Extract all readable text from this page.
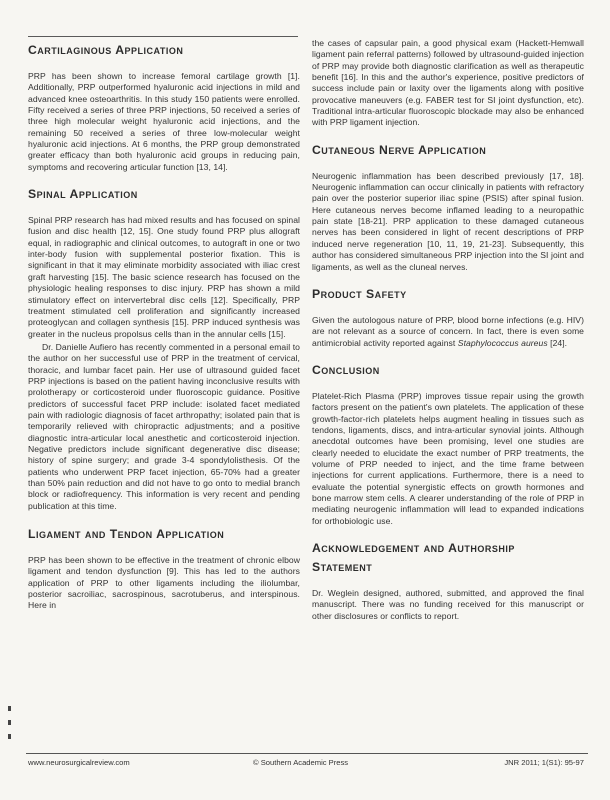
Cartilaginous Application

PRP has been shown to increase femoral cartilage growth [1]. Additionally, PRP outperformed hyaluronic acid injections in mild and advanced knee osteoarthritis. In this study 150 patients were enrolled. Fifty received a series of three PRP injections, 50 received a series of three high molecular weight hyaluronic acid injections, and the remaining 50 received a series of three low-molecular weight hyaluronic acid injections. At 6 months, the PRP group demonstrated greater efficacy than both hyaluronic acid groups in reducing pain, symptoms and recovering articular function [13, 14].

Spinal Application

Spinal PRP research has had mixed results and has focused on spinal fusion and disc health [12, 15]. One study found PRP plus allograft equal, in radiographic and clinical outcomes, to autograft in one or two inter-body fusion with supplemental posterior fixation. This is significant in that it may eliminate morbidity associated with iliac crest graft harvesting [15]. The basic science research has focused on the physiologic healing responses to disc injury. PRP has shown a mild stimulatory effect on intervertebral disc cells [12]. Specifically, PRP treatment stimulated cell proliferation and significantly increased proteoglycan and collagen synthesis [15]. PRP induced synthesis was greater in the nucleus propolsus cells than in the annular cells [15].

Dr. Danielle Aufiero has recently commented in a personal email to the author on her successful use of PRP in the treatment of cervical, thoracic, and lumbar facet pain. Her use of ultrasound guided facet PRP injections is based on the patient having inconclusive results with prolotherapy or corticosteroid under fluoroscopic guidance. Positive predictors of successful facet PRP include: isolated facet mediated pain with radiologic diagnosis of facet arthropathy; isolated pain that is temporarily relieved with chiropractic adjustments; and a positive diagnostic intra-articular local anesthetic and corticosteroid injection. Negative predictors include significant degenerative disc disease; history of spine surgery; and grade 3-4 spondylolisthesis. Of the patients who underwent PRP facet injection, 65-70% had a greater than 50% pain reduction and did not have to go onto to medial branch block or radiofrequency. This information is very recent and pending publication at this time.

Ligament and Tendon Application

PRP has been shown to be effective in the treatment of chronic elbow ligament and tendon dysfunction [9]. This has led to the authors application of PRP to other ligaments including the iliolumbar, posterior sacroiliac, sacrospinous, sacrotuberus, and interspinous. Here in

the cases of capsular pain, a good physical exam (Hackett-Hemwall ligament pain referral patterns) followed by ultrasound-guided injection of PRP may provide both diagnostic clarification as well as therapeutic benefit [16]. In this and the author's experience, positive predictors of success include pain or laxity over the ligaments along with positive provocative maneuvers (e.g. FABER test for SI joint dysfunction, etc). Traditional intra-articular fluoroscopic blockade may also be enhanced with PRP ligament injection.

Cutaneous Nerve Application

Neurogenic inflammation has been described previously [17, 18]. Neurogenic inflammation can occur clinically in patients with refractory pain over the posterior superior iliac spine (PSIS) after spinal fusion. Here cutaneous nerves become inflamed leading to a neuropathic pain state [18-21]. PRP application to these damaged cutaneous nerves has been considered in light of recent descriptions of PRP induced nerve regeneration [10, 11, 19, 21-23]. Subsequently, this author has considered simultaneous PRP injection into the SI joint and ligaments, as well as the cluneal nerves.

Product Safety

Given the autologous nature of PRP, blood borne infections (e.g. HIV) are not relevant as a source of concern. In fact, there is even some antimicrobial activity reported against Staphylococcus aureus [24].

Conclusion

Platelet-Rich Plasma (PRP) improves tissue repair using the growth factors present on the patient's own platelets. The application of these growth-factor-rich platelets helps augment healing in tissues such as tendons, ligaments, discs, and intra-articular synovial joints. Although anecdotal outcomes have been promising, level one studies are clearly needed to elucidate the exact number of PRP treatments, the volume of PRP needed to inject, and the time frame between injections for current applications. Furthermore, there is a need to evaluate the potential synergistic effects on growth hormones and bone marrow stem cells. A clearer understanding of the role of PRP in mediating neurogenic inflammation will lead to expanded indications for orthobiologic use.

Acknowledgement and Authorship
Statement

Dr. Weglein designed, authored, submitted, and approved the final manuscript. There was no funding received for this manuscript or other disclosures or conflicts to report.

www.neurosurgicalreview.com	© Southern Academic Press	JNR 2011; 1(S1): 95-97
